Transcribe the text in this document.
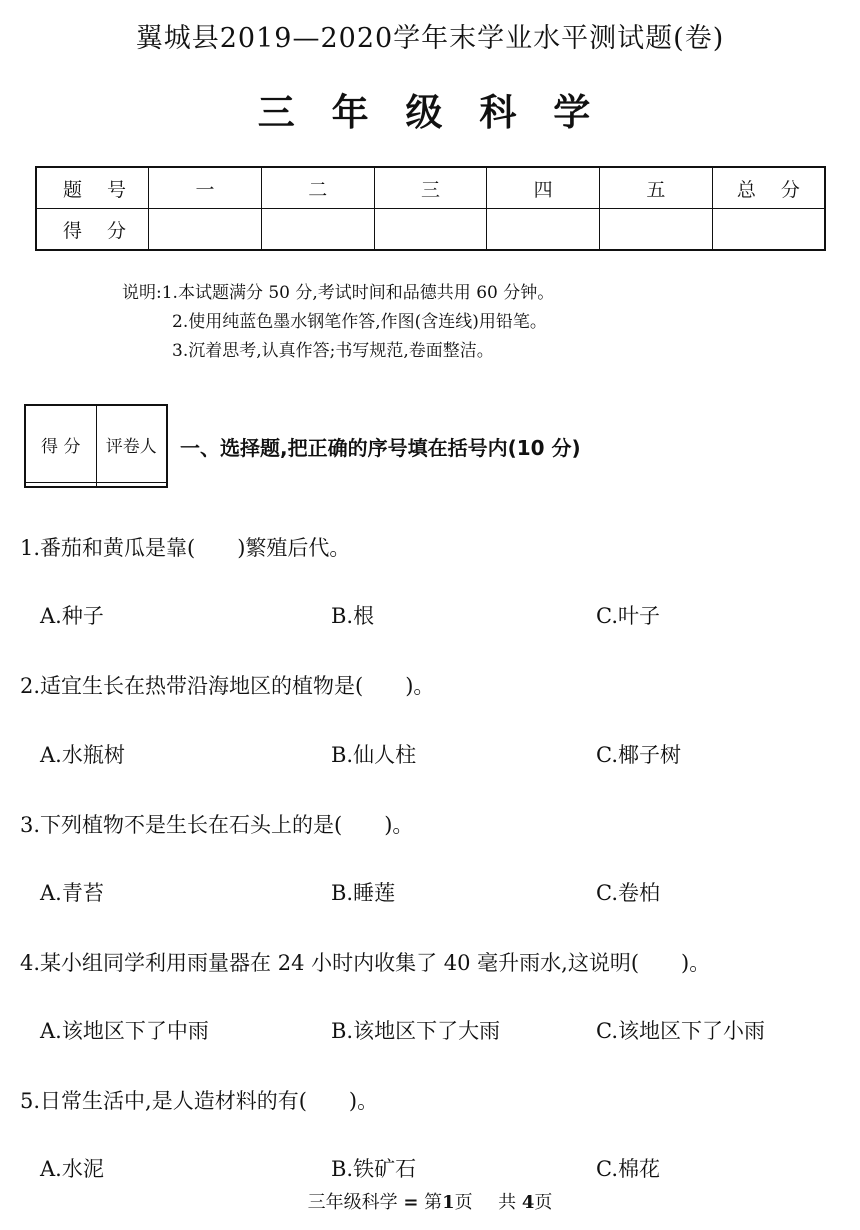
翼城县2019—2020学年末学业水平测试题(卷)
三 年 级 科 学
题　 号	一	二	三	四	五	总　 分
得　 分						
说明:1.本试题满分 50 分,考试时间和品德共用 60 分钟。
2.使用纯蓝色墨水钢笔作答,作图(含连线)用铅笔。
3.沉着思考,认真作答;书写规范,卷面整洁。
得 分	评卷人
	一、选择题,把正确的序号填在括号内(10 分)
1.番茄和黄瓜是靠(　　)繁殖后代。
A.种子	B.根	C.叶子
2.适宜生长在热带沿海地区的植物是(　　)。
A.水瓶树	B.仙人柱	C.椰子树
3.下列植物不是生长在石头上的是(　　)。
A.青苔	B.睡莲	C.卷柏
4.某小组同学利用雨量器在 24 小时内收集了 40 毫升雨水,这说明(　　)。
A.该地区下了中雨	B.该地区下了大雨	C.该地区下了小雨
5.日常生活中,是人造材料的有(　　)。
A.水泥	B.铁矿石	C.棉花
三年级科学 = 第1页 共 4页
